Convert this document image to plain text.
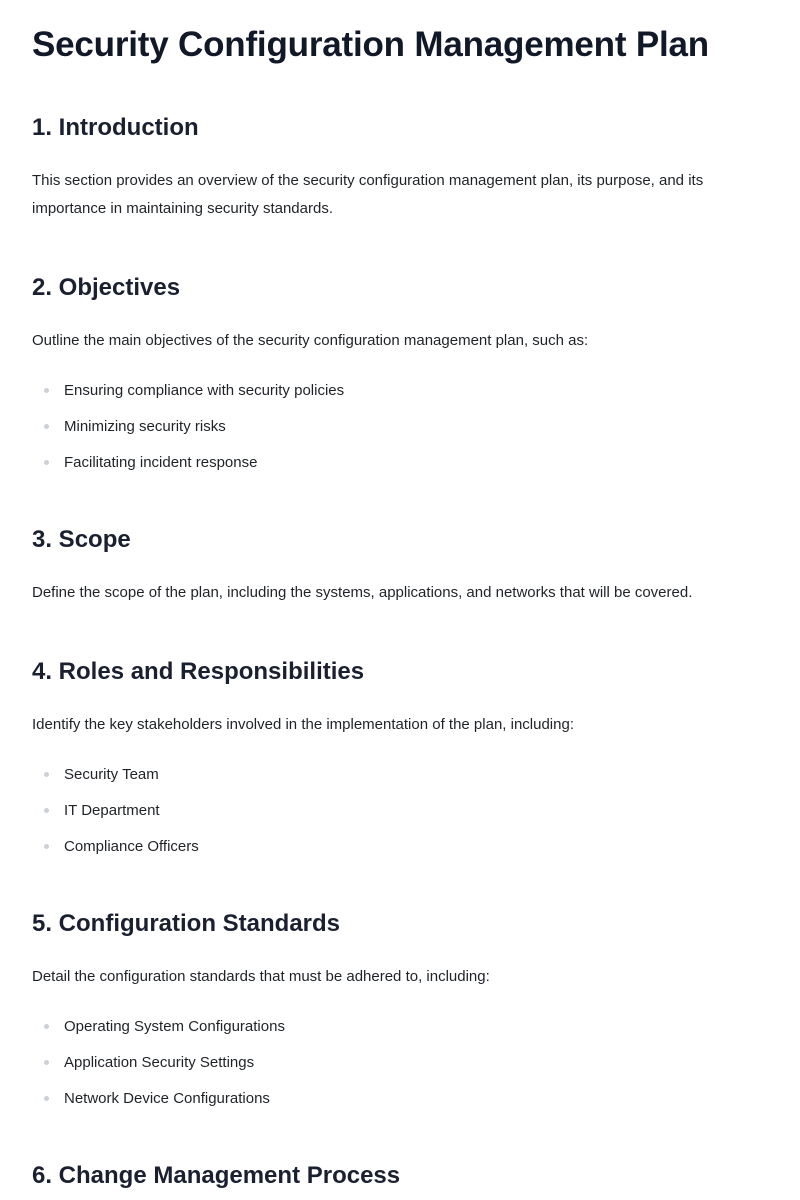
Security Configuration Management Plan
1. Introduction

This section provides an overview of the security configuration management plan, its purpose, and its importance in maintaining security standards.

2. Objectives

Outline the main objectives of the security configuration management plan, such as:

Ensuring compliance with security policies
Minimizing security risks
Facilitating incident response
3. Scope

Define the scope of the plan, including the systems, applications, and networks that will be covered.

4. Roles and Responsibilities

Identify the key stakeholders involved in the implementation of the plan, including:

Security Team
IT Department
Compliance Officers
5. Configuration Standards

Detail the configuration standards that must be adhered to, including:

Operating System Configurations
Application Security Settings
Network Device Configurations
6. Change Management Process
